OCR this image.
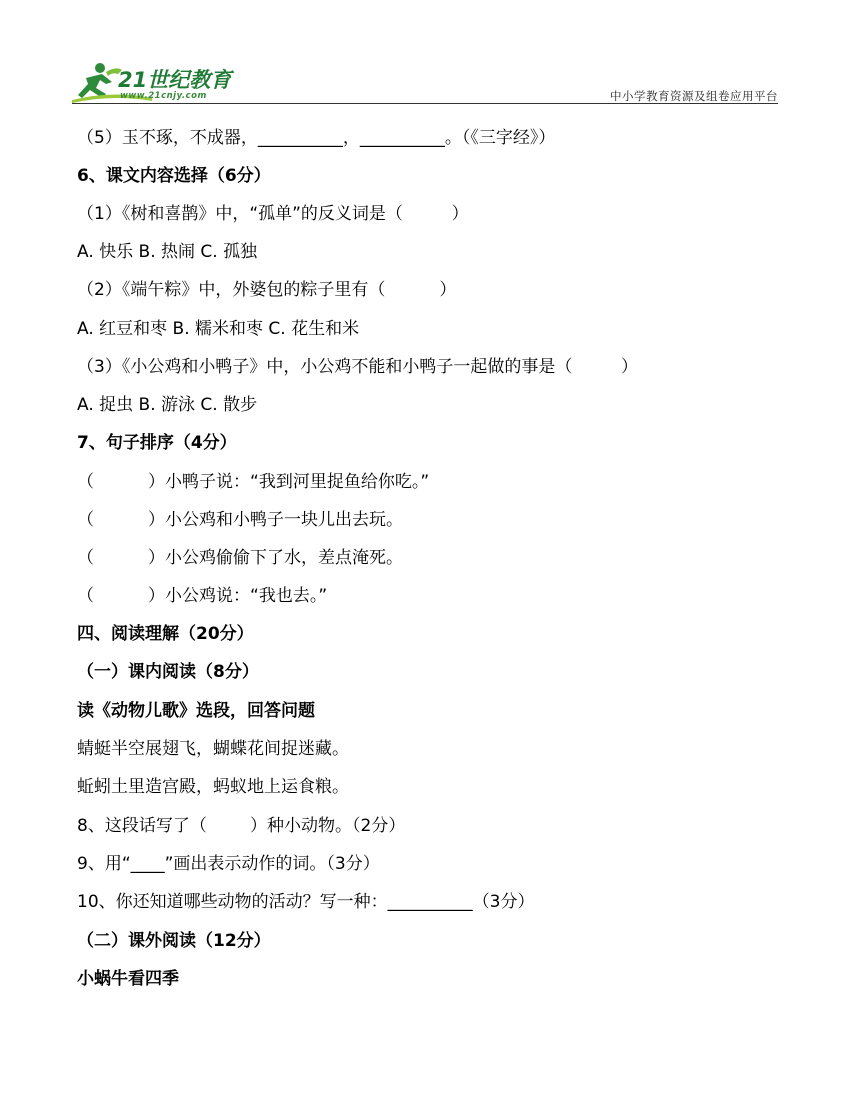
21世纪教育
www.21cnjy.com	中小学教育资源及组卷应用平台
（5）玉不琢，不成器，__________，__________。（《三字经》）
6、课文内容选择（6分）
（1）《树和喜鹊》中，“孤单”的反义词是（         ）
A. 快乐 B. 热闹 C. 孤独
（2）《端午粽》中，外婆包的粽子里有（          ）
A. 红豆和枣 B. 糯米和枣 C. 花生和米
（3）《小公鸡和小鸭子》中，小公鸡不能和小鸭子一起做的事是（         ）
A. 捉虫 B. 游泳 C. 散步
7、句子排序（4分）
（          ）小鸭子说：“我到河里捉鱼给你吃。”
（          ）小公鸡和小鸭子一块儿出去玩。
（          ）小公鸡偷偷下了水，差点淹死。
（          ）小公鸡说：“我也去。”
四、阅读理解（20分）
（一）课内阅读（8分）
读《动物儿歌》选段，回答问题
蜻蜓半空展翅飞，蝴蝶花间捉迷藏。
蚯蚓土里造宫殿，蚂蚁地上运食粮。
8、这段话写了（        ）种小动物。（2分）
9、用“____”画出表示动作的词。（3分）
10、你还知道哪些动物的活动？写一种：__________（3分）
（二）课外阅读（12分）
小蜗牛看四季
